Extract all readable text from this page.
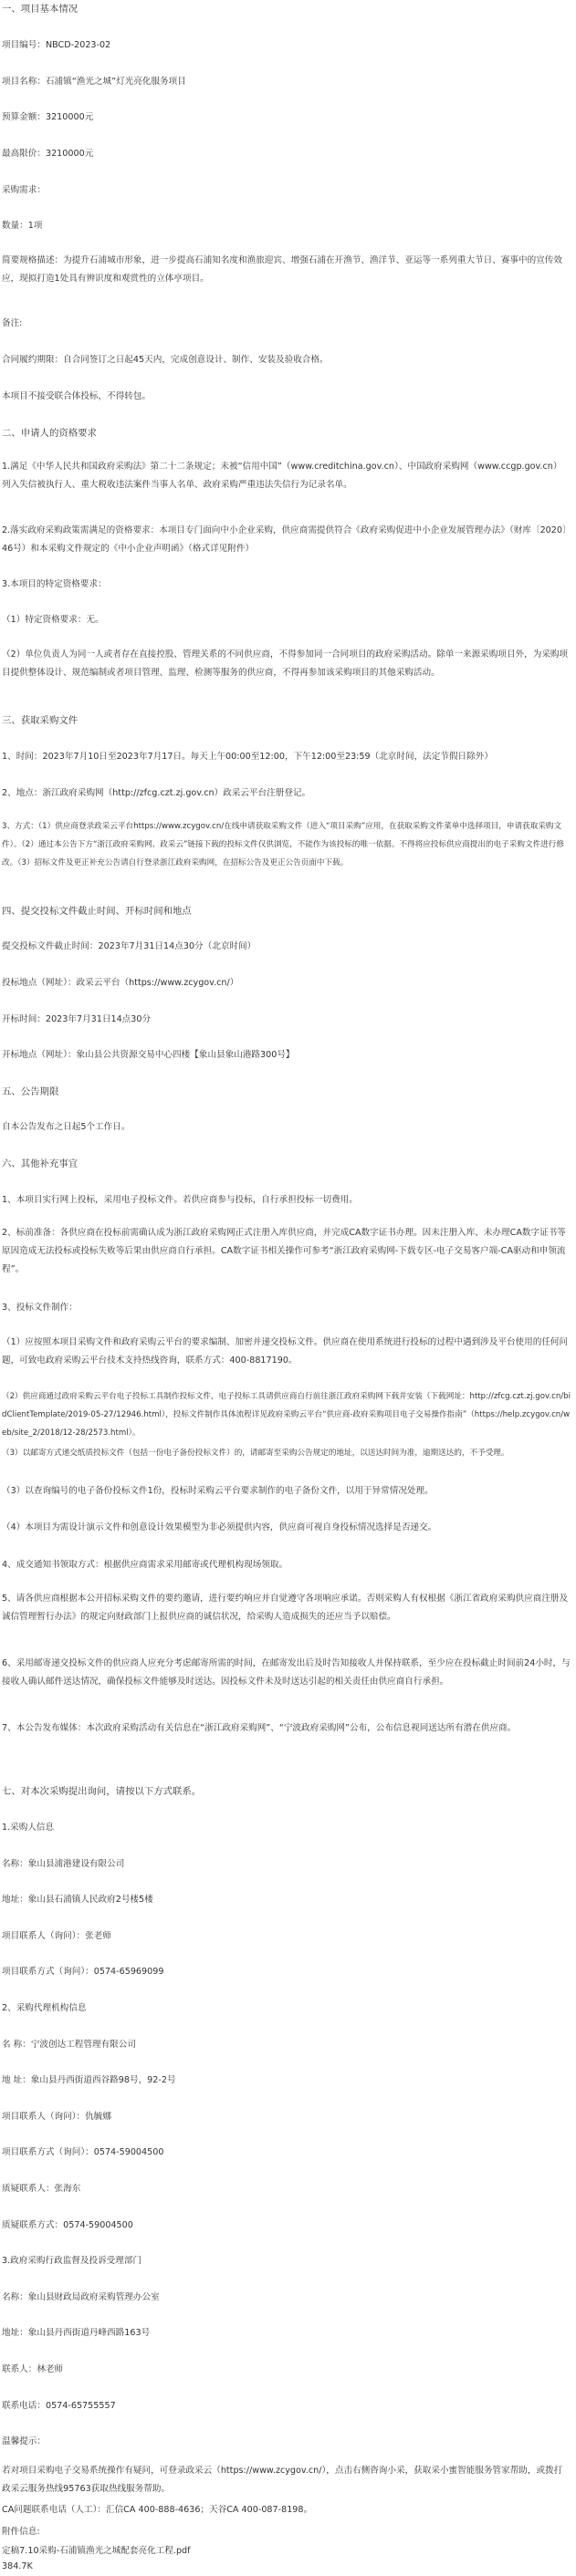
一、项目基本情况
项目编号：NBCD-2023-02
项目名称：石浦镇“渔光之城”灯光亮化服务项目
预算金额：3210000元
最高限价：3210000元
采购需求：
数量：1项
简要规格描述：为提升石浦城市形象，进一步提高石浦知名度和渔旅迎宾、增强石浦在开渔节、渔洋节、亚运等一系列重大节日、赛事中的宣传效应，现拟打造1处具有辨识度和观赏性的立体亭项目。
备注:
合同履约期限：自合同签订之日起45天内，完成创意设计、制作、安装及验收合格。
本项目不接受联合体投标，不得转包。
二、申请人的资格要求
1.满足《中华人民共和国政府采购法》第二十二条规定；未被“信用中国”（www.creditchina.gov.cn）、中国政府采购网（www.ccgp.gov.cn）列入失信被执行人、重大税收违法案件当事人名单、政府采购严重违法失信行为记录名单。
2.落实政府采购政策需满足的资格要求：本项目专门面向中小企业采购，供应商需提供符合《政府采购促进中小企业发展管理办法》（财库〔2020〕46号）和本采购文件规定的《中小企业声明函》（格式详见附件）
3.本项目的特定资格要求：
（1）特定资格要求：无。
（2）单位负责人为同一人或者存在直接控股、管理关系的不同供应商，不得参加同一合同项目的政府采购活动。除单一来源采购项目外，为采购项目提供整体设计、规范编制或者项目管理、监理、检测等服务的供应商，不得再参加该采购项目的其他采购活动。
三、获取采购文件
1、时间：2023年7月10日至2023年7月17日。每天上午00:00至12:00，下午12:00至23:59（北京时间，法定节假日除外）
2、地点：浙江政府采购网（http://zfcg.czt.zj.gov.cn）政采云平台注册登记。
3、方式：（1）供应商登录政采云平台https://www.zcygov.cn/在线申请获取采购文件（进入“项目采购”应用，在获取采购文件菜单中选择项目，申请获取采购文件）。（2）通过本公告下方“浙江政府采购网、政采云”链接下载的投标文件仅供浏览，不能作为该投标的唯一依据。不得将应投标供应商提出的电子采购文件进行修改。（3）招标文件及更正补充公告请自行登录浙江政府采购网，在招标公告及更正公告页面中下载。
四、提交投标文件截止时间、开标时间和地点
提交投标文件截止时间：2023年7月31日14点30分（北京时间）
投标地点（网址）：政采云平台（https://www.zcygov.cn/）
开标时间：2023年7月31日14点30分
开标地点（网址）：象山县公共资源交易中心四楼【象山县象山港路300号】
五、公告期限
自本公告发布之日起5个工作日。
六、其他补充事宜
1、本项目实行网上投标，采用电子投标文件。若供应商参与投标，自行承担投标一切费用。
2、标前准备：各供应商在投标前需确认成为浙江政府采购网正式注册入库供应商，并完成CA数字证书办理。因未注册入库、未办理CA数字证书等原因造成无法投标或投标失败等后果由供应商自行承担。CA数字证书相关操作可参考“浙江政府采购网-下载专区-电子交易客户端-CA驱动和申领流程”。
3、投标文件制作：
（1）应按照本项目采购文件和政府采购云平台的要求编制、加密并递交投标文件。供应商在使用系统进行投标的过程中遇到涉及平台使用的任何问题，可致电政府采购云平台技术支持热线咨询，联系方式：400-8817190。
（2）供应商通过政府采购云平台电子投标工具制作投标文件，电子投标工具请供应商自行前往浙江政府采购网下载并安装（下载网址：http://zfcg.czt.zj.gov.cn/bidClientTemplate/2019-05-27/12946.html），投标文件制作具体流程详见政府采购云平台“供应商-政府采购项目电子交易操作指南”（https://help.zcygov.cn/web/site_2/2018/12-28/2573.html）。
（3）以邮寄方式递交纸质投标文件（包括一份电子备份投标文件）的，请邮寄至采购公告规定的地址，以送达时间为准，逾期送达的，不予受理。
（3）以查询编号的电子备份投标文件1份，投标时采购云平台要求制作的电子备份文件，以用于异常情况处理。
（4）本项目为需设计演示文件和创意设计效果模型为非必须提供内容，供应商可视自身投标情况选择是否递交。
4、成交通知书领取方式：根据供应商需求采用邮寄或代理机构现场领取。
5、请各供应商根据本公开招标采购文件的要约邀请，进行要约响应并自觉遵守各项响应承诺。否则采购人有权根据《浙江省政府采购供应商注册及诚信管理暂行办法》的规定向财政部门上报供应商的诚信状况，给采购人造成损失的还应当予以赔偿。
6、采用邮寄递交投标文件的供应商人应充分考虑邮寄所需的时间，在邮寄发出后及时告知接收人并保持联系，至少应在投标截止时间前24小时，与接收人确认邮件送达情况，确保投标文件能够及时送达。因投标文件未及时送达引起的相关责任由供应商自行承担。
7、本公告发布媒体：本次政府采购活动有关信息在“浙江政府采购网”、“宁波政府采购网”公布，公布信息视同送达所有潜在供应商。
七、对本次采购提出询问，请按以下方式联系。
1.采购人信息
名称：象山县浦港建设有限公司
地址：象山县石浦镇人民政府2号楼5楼
项目联系人（询问）：张老师
项目联系方式（询问）：0574-65969099
2、采购代理机构信息
名 称：宁波创达工程管理有限公司
地 址：象山县丹西街道西谷路98号，92-2号
项目联系人（询问）：仇毓娜
项目联系方式（询问）：0574-59004500
质疑联系人：张海东
质疑联系方式：0574-59004500
3.政府采购行政监督及投诉受理部门
名称：象山县财政局政府采购管理办公室
地址：象山县丹西街道丹峰西路163号
联系人：林老师
联系电话：0574-65755557
温馨提示：
若对项目采购电子交易系统操作有疑问，可登录政采云（https://www.zcygov.cn/），点击右侧咨询小采，获取采小蜜智能服务管家帮助，或拨打政采云服务热线95763获取热线服务帮助。
CA问题联系电话（人工）：汇信CA 400-888-4636；天谷CA 400-087-8198。
附件信息:
定稿7.10采购-石浦镇渔光之城配套亮化工程.pdf
384.7K
